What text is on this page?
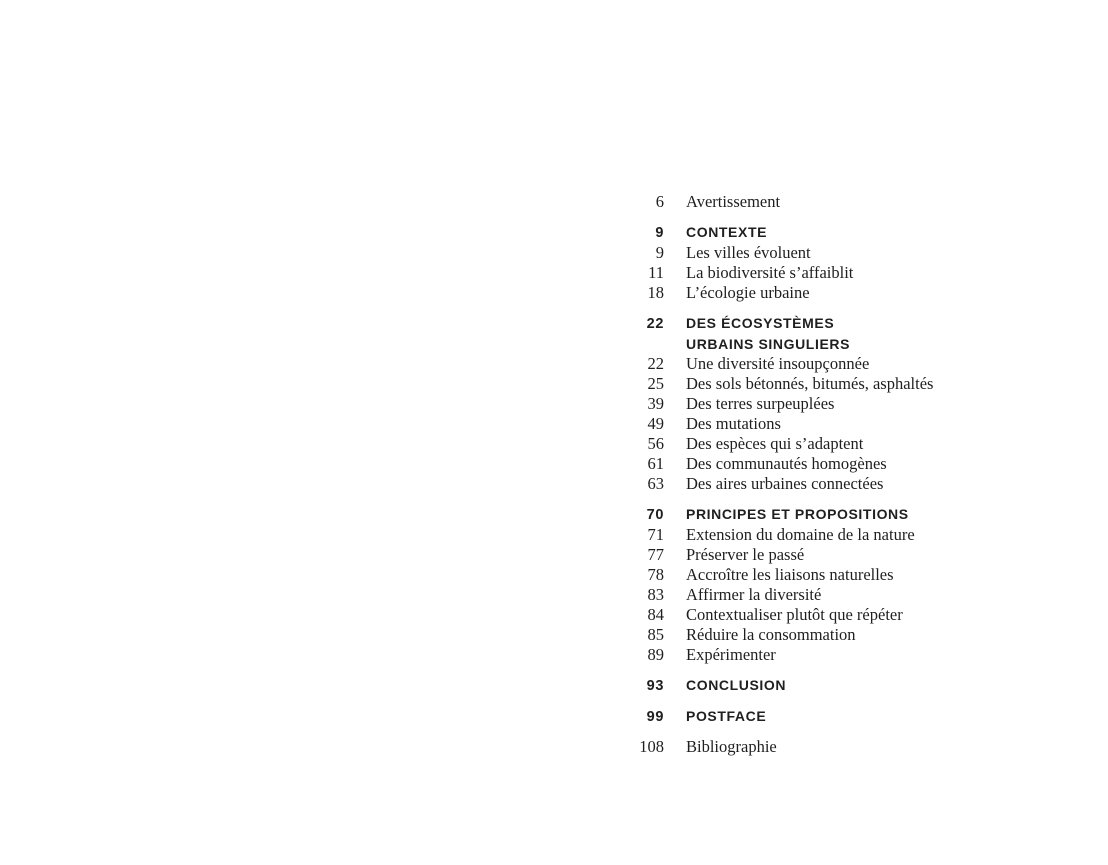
6 Avertissement
9 CONTEXTE
9 Les villes évoluent
11 La biodiversité s’affaiblit
18 L’écologie urbaine
22 DES ÉCOSYSTÈMES
URBAINS SINGULIERS
22 Une diversité insoupçonnée
25 Des sols bétonnés, bitumés, asphaltés
39 Des terres surpeuplées
49 Des mutations
56 Des espèces qui s’adaptent
61 Des communautés homogènes
63 Des aires urbaines connectées
70 PRINCIPES ET PROPOSITIONS
71 Extension du domaine de la nature
77 Préserver le passé
78 Accroître les liaisons naturelles
83 Affirmer la diversité
84 Contextualiser plutôt que répéter
85 Réduire la consommation
89 Expérimenter
93 CONCLUSION
99 POSTFACE
108 Bibliographie
